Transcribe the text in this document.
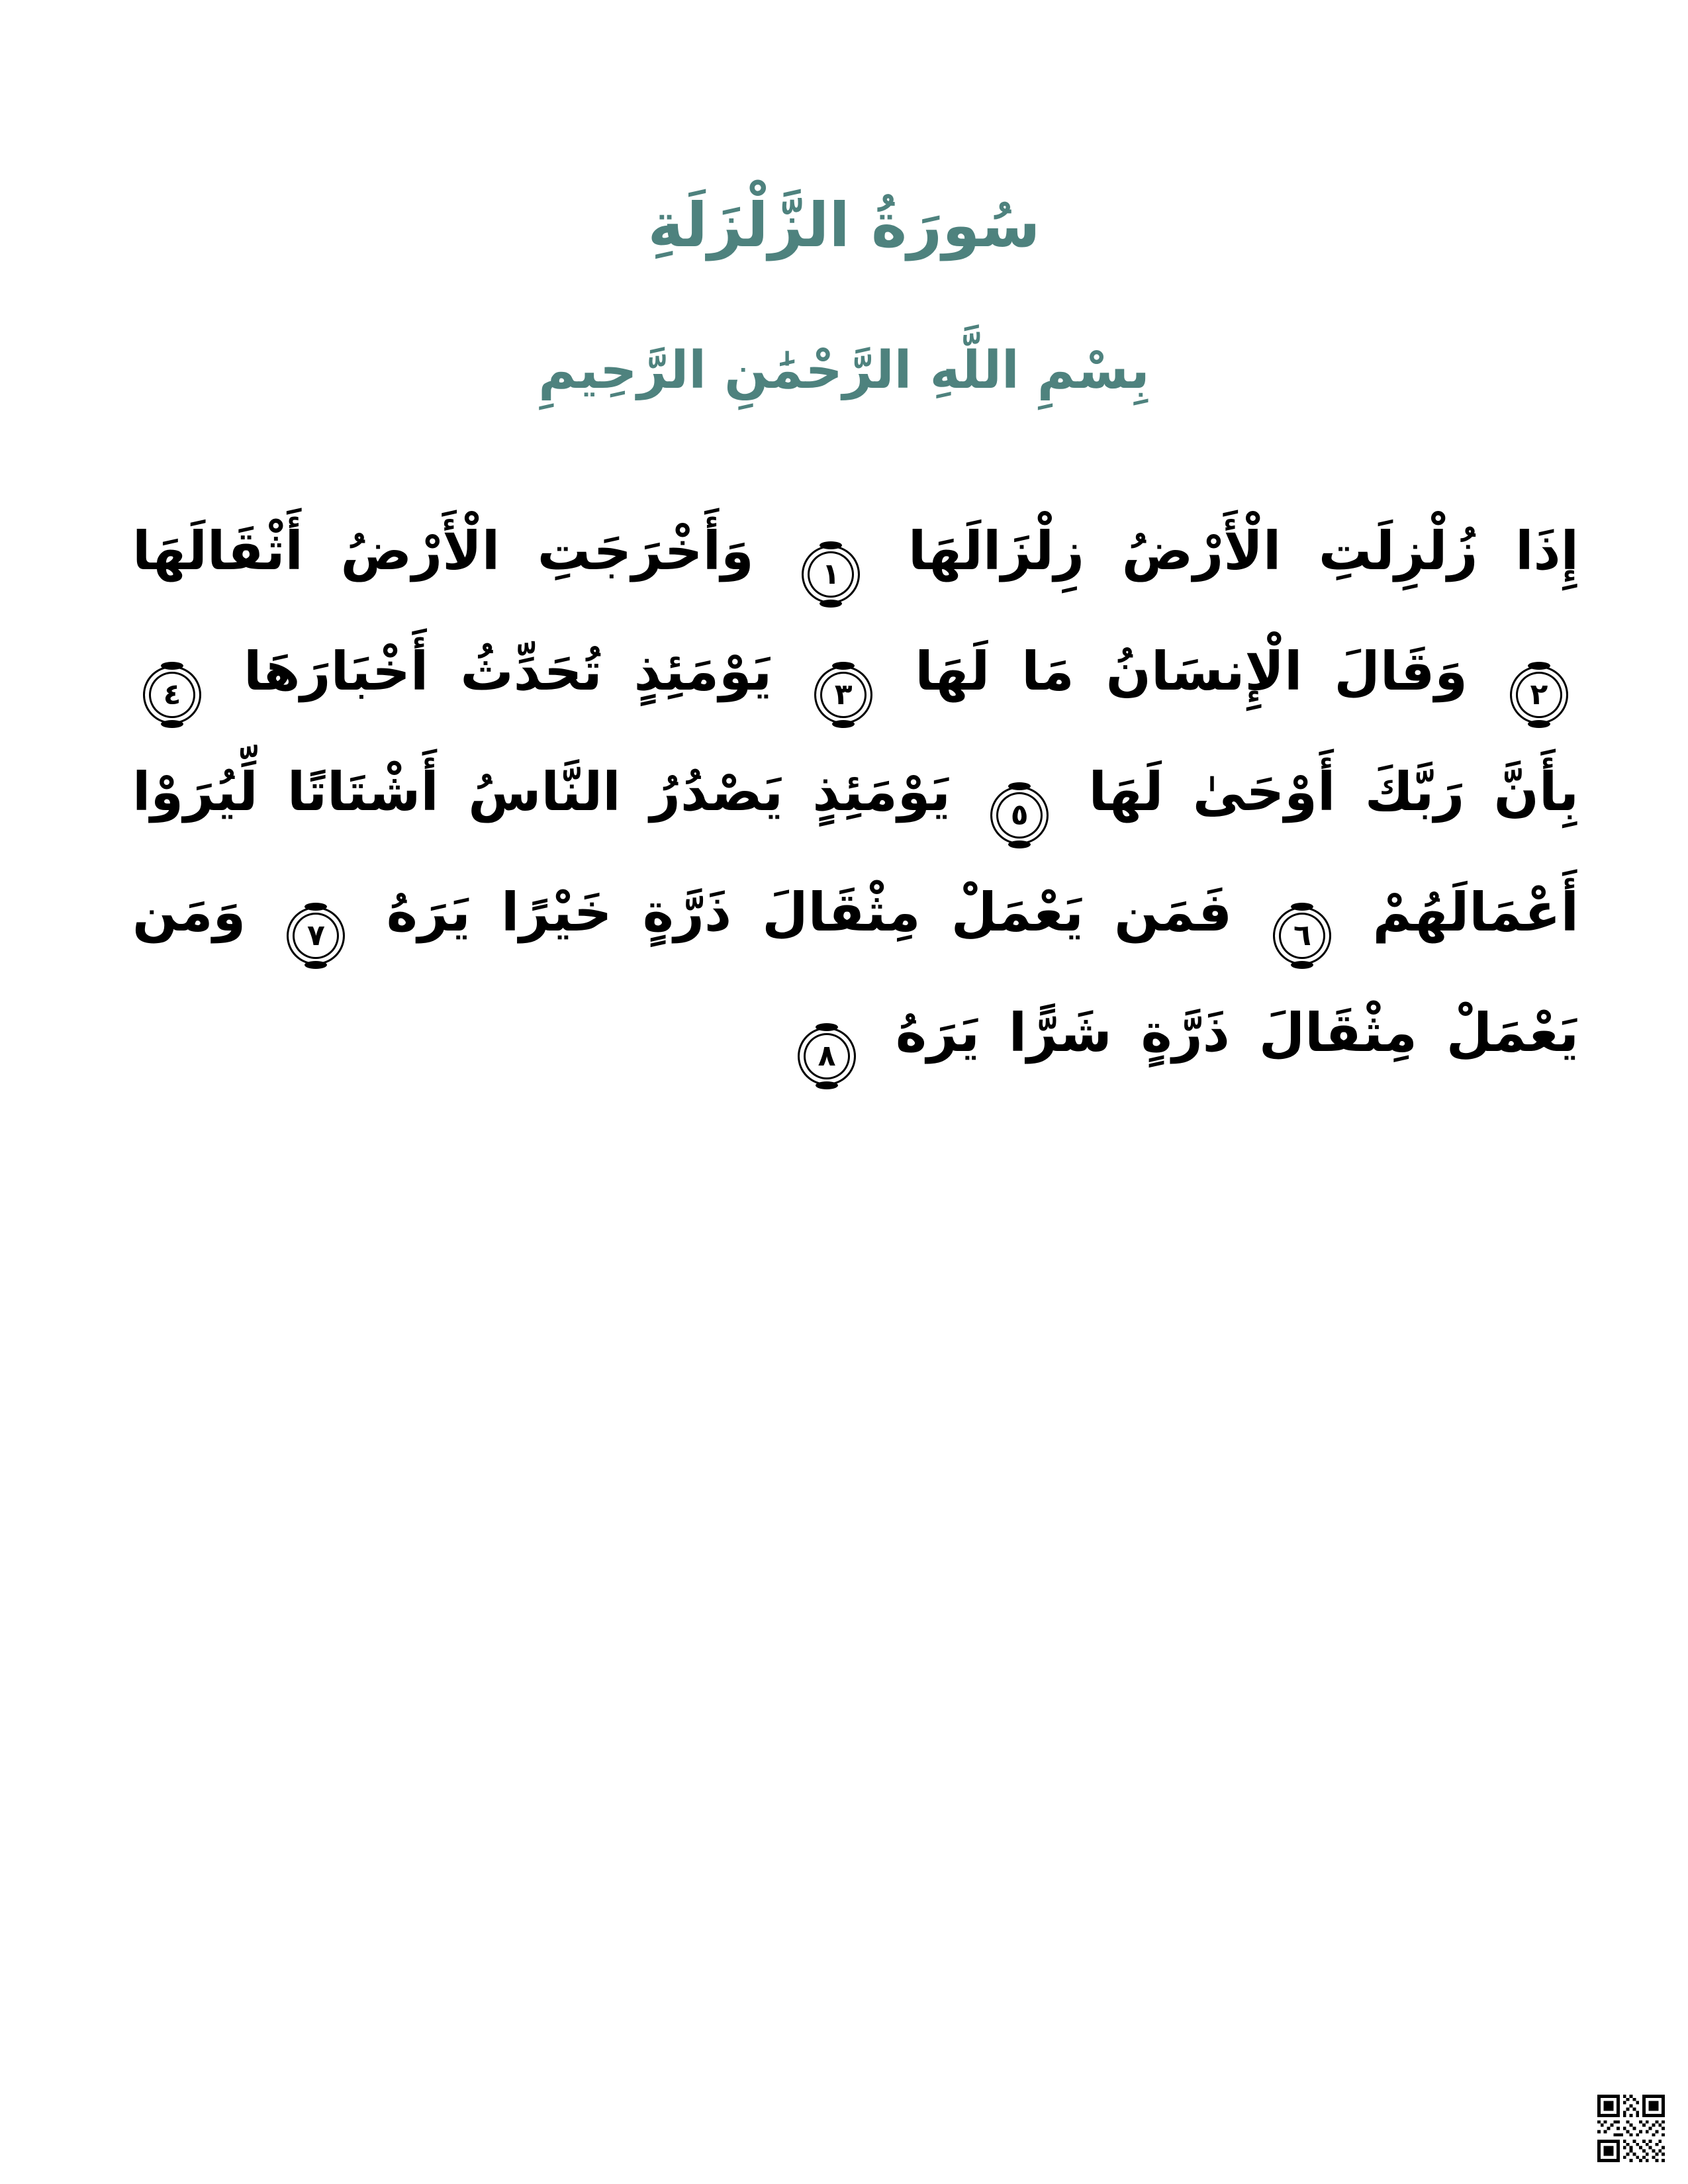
سُورَةُ الزَّلْزَلَةِ
بِسْمِ اللَّهِ الرَّحْمَٰنِ الرَّحِيمِ

إِذَا زُلْزِلَتِ الْأَرْضُ زِلْزَالَهَا ١ وَأَخْرَجَتِ الْأَرْضُ أَثْقَالَهَا ٢ وَقَالَ الْإِنسَانُ مَا لَهَا ٣ يَوْمَئِذٍ تُحَدِّثُ أَخْبَارَهَا ٤ بِأَنَّ رَبَّكَ أَوْحَىٰ لَهَا ٥ يَوْمَئِذٍ يَصْدُرُ النَّاسُ أَشْتَاتًا لِّيُرَوْا أَعْمَالَهُمْ ٦ فَمَن يَعْمَلْ مِثْقَالَ ذَرَّةٍ خَيْرًا يَرَهُ ٧ وَمَن يَعْمَلْ مِثْقَالَ ذَرَّةٍ شَرًّا يَرَهُ ٨
